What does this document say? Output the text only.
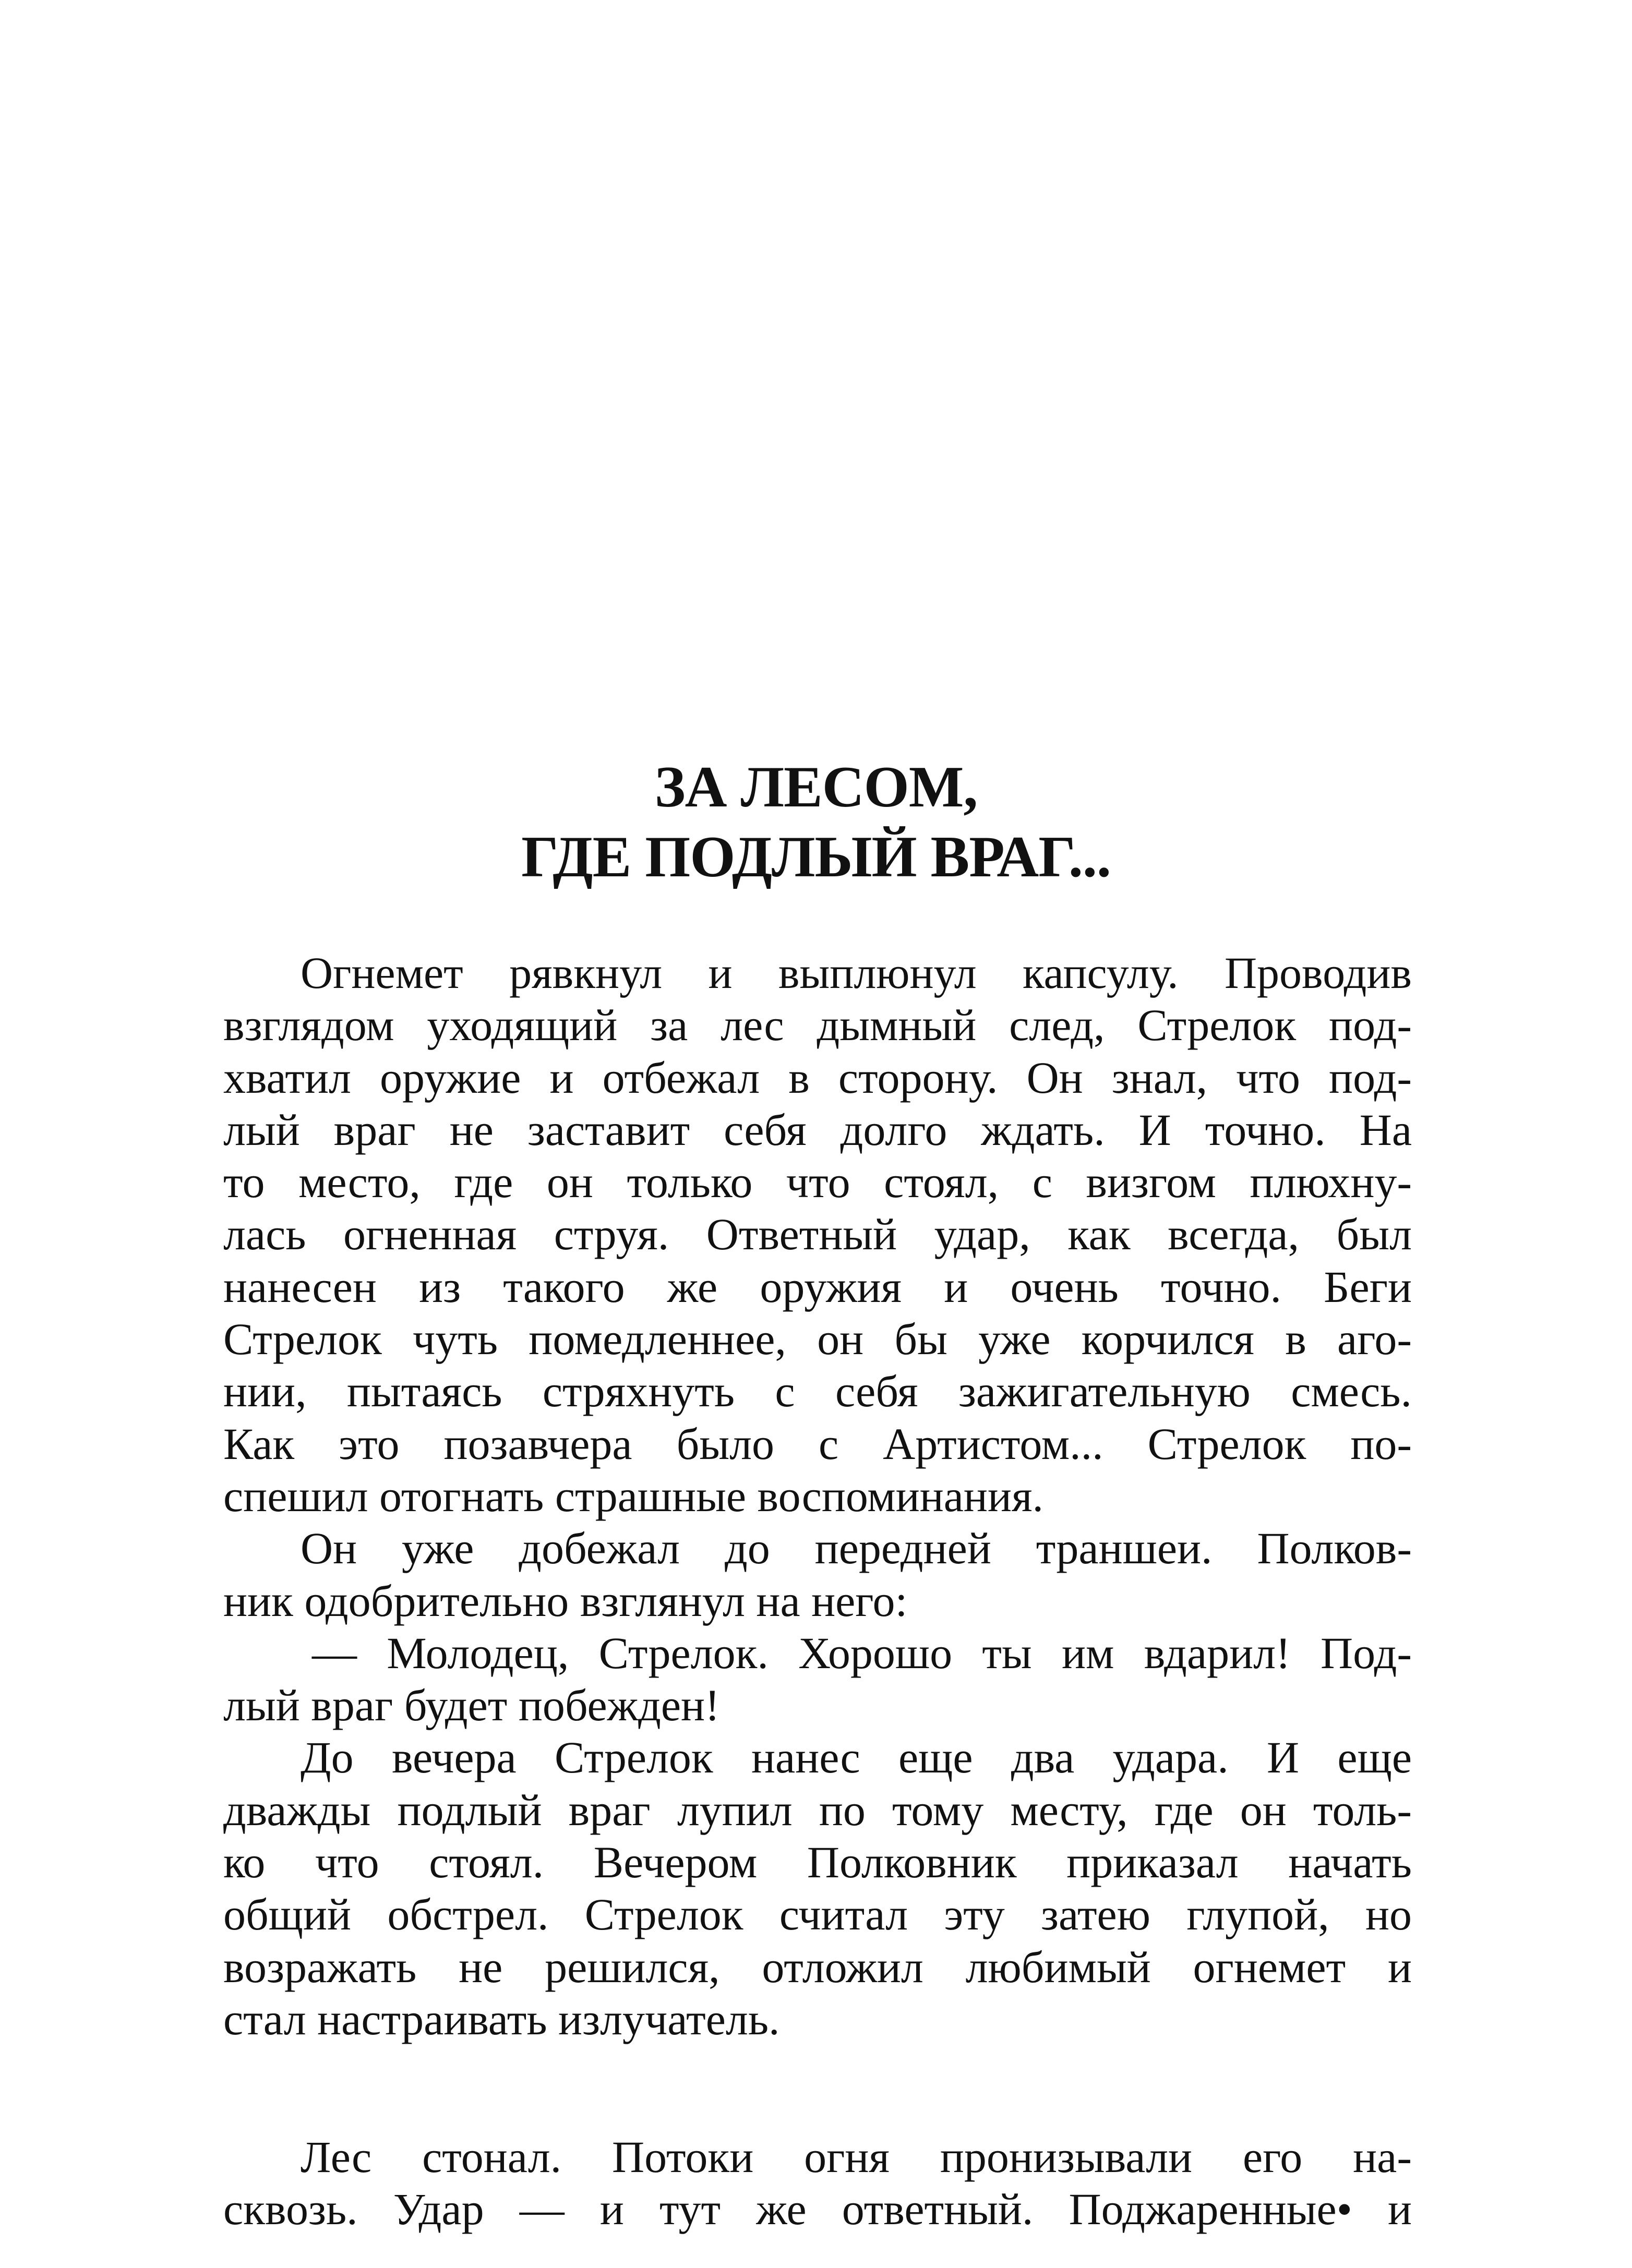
ЗА ЛЕСОМ,
ГДЕ ПОДЛЫЙ ВРАГ...
Огнемет рявкнул и выплюнул капсулу. Проводив
взглядом уходящий за лес дымный след, Стрелок под-
хватил оружие и отбежал в сторону. Он знал, что под-
лый враг не заставит себя долго ждать. И точно. На
то место, где он только что стоял, с визгом плюхну-
лась огненная струя. Ответный удар, как всегда, был
нанесен из такого же оружия и очень точно. Беги
Стрелок чуть помедленнее, он бы уже корчился в аго-
нии, пытаясь стряхнуть с себя зажигательную смесь.
Как это позавчера было с Артистом... Стрелок по-
спешил отогнать страшные воспоминания.
Он уже добежал до передней траншеи. Полков-
ник одобрительно взглянул на него:
— Молодец, Стрелок. Хорошо ты им вдарил! Под-
лый враг будет побежден!
До вечера Стрелок нанес еще два удара. И еще
дважды подлый враг лупил по тому месту, где он толь-
ко что стоял. Вечером Полковник приказал начать
общий обстрел. Стрелок считал эту затею глупой, но
возражать не решился, отложил любимый огнемет и
стал настраивать излучатель.
Лес стонал. Потоки огня пронизывали его на-
сквозь. Удар — и тут же ответный. Поджаренные• и
